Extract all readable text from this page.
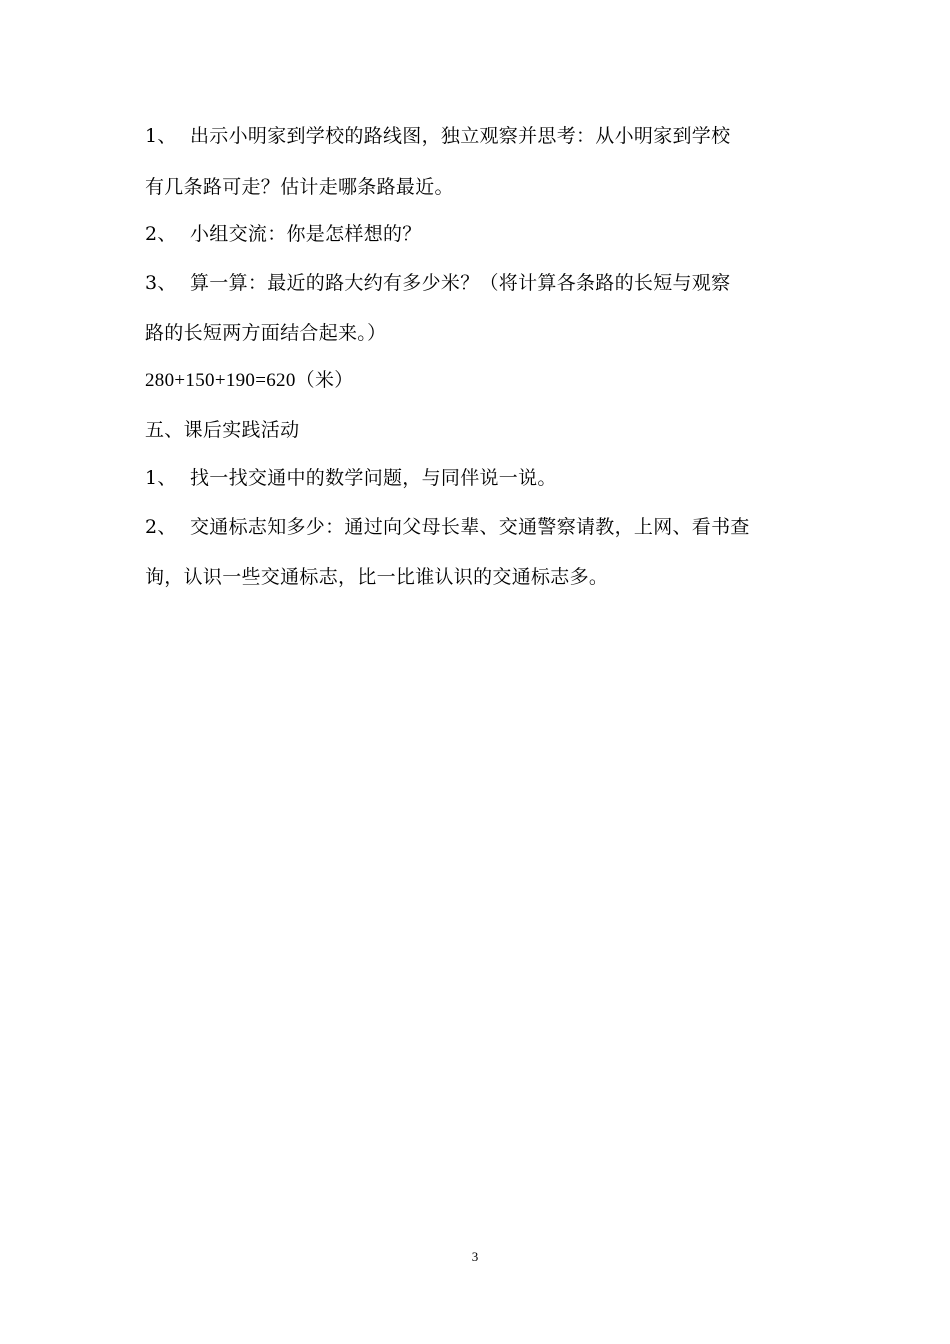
1、 出示小明家到学校的路线图，独立观察并思考：从小明家到学校
有几条路可走？估计走哪条路最近。
2、 小组交流：你是怎样想的？
3、 算一算：最近的路大约有多少米？（将计算各条路的长短与观察
路的长短两方面结合起来。）
280+150+190=620（米）
五、课后实践活动
1、 找一找交通中的数学问题，与同伴说一说。
2、 交通标志知多少：通过向父母长辈、交通警察请教，上网、看书查
询，认识一些交通标志，比一比谁认识的交通标志多。
3
